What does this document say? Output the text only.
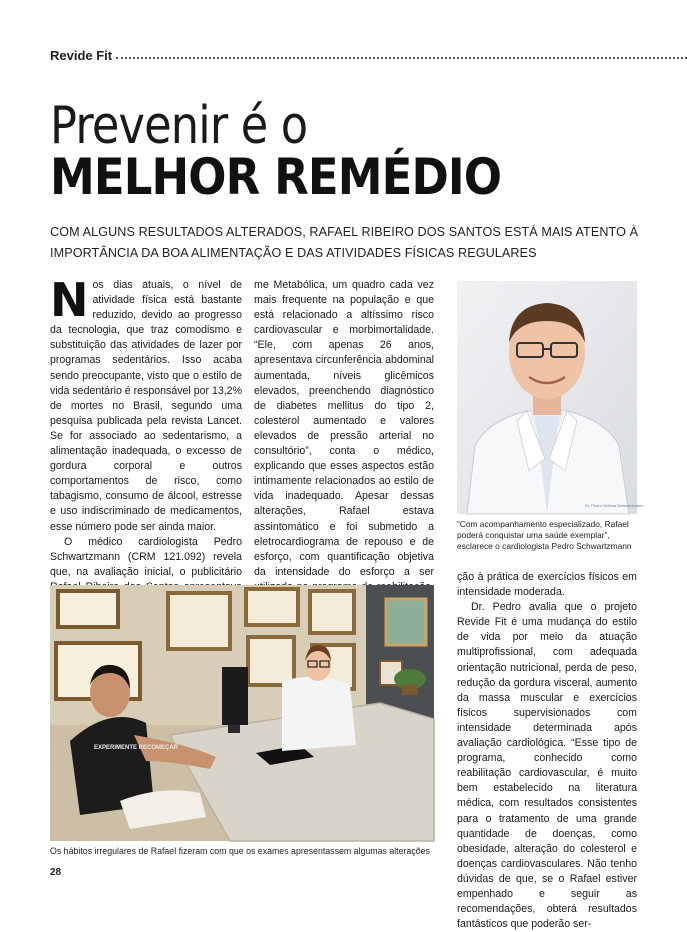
Revide Fit
Prevenir é o
MELHOR REMÉDIO
COM ALGUNS RESULTADOS ALTERADOS, RAFAEL RIBEIRO DOS SANTOS ESTÁ MAIS ATENTO À IMPORTÂNCIA DA BOA ALIMENTAÇÃO E DAS ATIVIDADES FÍSICAS REGULARES

Nos dias atuais, o nível de atividade física está bastante reduzido, devido ao progresso da tecnologia, que traz comodismo e substituição das atividades de lazer por programas sedentários. Isso acaba sendo preocupante, visto que o estilo de vida sedentário é responsável por 13,2% de mortes no Brasil, segundo uma pesquisa publicada pela revista Lancet. Se for associado ao sedentarismo, a alimentação inadequada, o excesso de gordura corporal e outros comportamentos de risco, como tabagismo, consumo de álcool, estresse e uso indiscriminado de medicamentos, esse número pode ser ainda maior.

O médico cardiologista Pedro Schwartzmann (CRM 121.092) revela que, na avaliação inicial, o publicitário

me Metabólica, um quadro cada vez mais frequente na população e que está relacionado a altíssimo risco cardiovascular e morbimortalidade. “Ele, com apenas 26 anos, apresentava circunferência abdominal aumentada, níveis glicêmicos elevados, preenchendo diagnóstico de diabetes mellitus do tipo 2, colesterol aumentado e valores elevados de pressão arterial no consultório”, conta o médico, explicando que esses aspectos estão intimamente relacionados ao estilo de vida inadequado. Apesar dessas alterações, Rafael estava assintomático e foi submetido a eletrocardiograma de repouso e de esforço, com quantificação objetiva da intensidade do esforço a ser

Dr. Pedro Vellosa Schwartzmann
“Com acompanhamento especializado, Rafael poderá conquistar uma saúde exemplar”,
esclarece o cardiologista Pedro Schwartzmann

ção à prática de exercícios físicos em intensidade moderada.

Dr. Pedro avalia que o projeto Revide Fit é uma mudança do estilo de vida por meio da atuação multiprofissional, com adequada orientação nutricional, perda de peso, redução da gordura visceral, aumento da massa muscular e exercícios físicos supervisionados com intensidade determinada após avaliação cardiológica. “Esse tipo de programa, conhecido como reabilitação cardiovascular, é muito bem estabelecido na literatura médica, com resultados consistentes para o tratamento de uma grande quantidade de doenças, como obesidade, alteração do colesterol e doenças cardiovasculares. Não tenho dúvidas de que, se o Rafael estiver empenhado e seguir as recomendações, obterá resultados fantásticos que poderão ser-

EXPERIMENTE RECOMEÇAR
Os hábitos irregulares de Rafael fizeram com que os exames apresentassem algumas alterações
28
